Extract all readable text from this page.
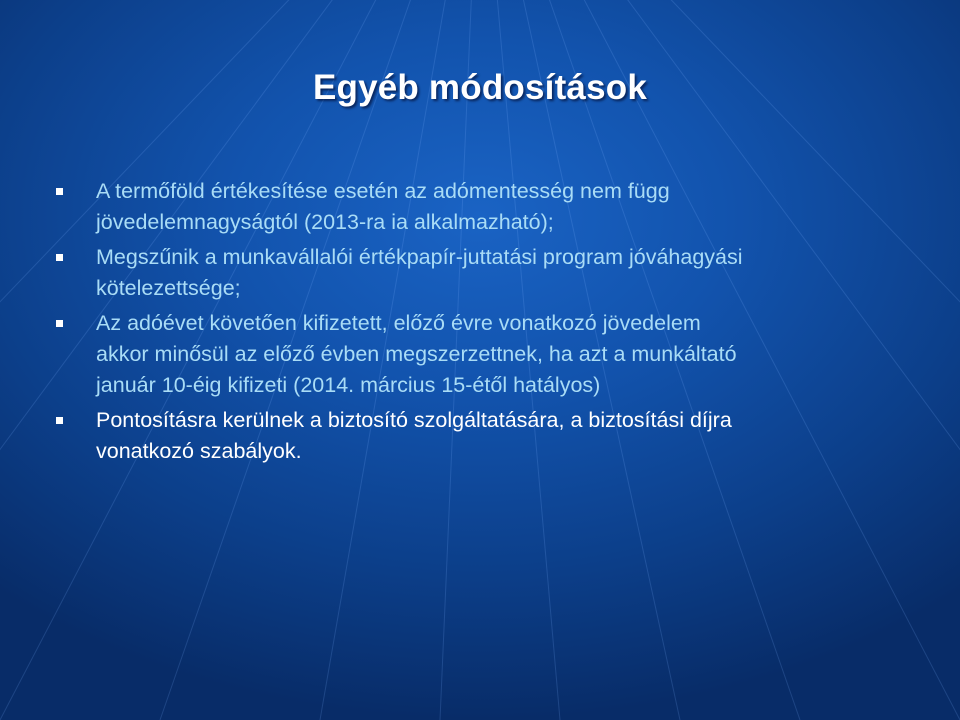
Egyéb módosítások
A termőföld értékesítése esetén az adómentesség nem függ
jövedelemnagyságtól (2013-ra ia alkalmazható);
Megszűnik a munkavállalói értékpapír-juttatási program jóváhagyási
kötelezettsége;
Az adóévet követően kifizetett, előző évre vonatkozó jövedelem
akkor minősül az előző évben megszerzettnek, ha azt a munkáltató
január 10-éig kifizeti (2014. március 15-étől hatályos)
Pontosításra kerülnek a biztosító szolgáltatására, a biztosítási díjra
vonatkozó szabályok.
